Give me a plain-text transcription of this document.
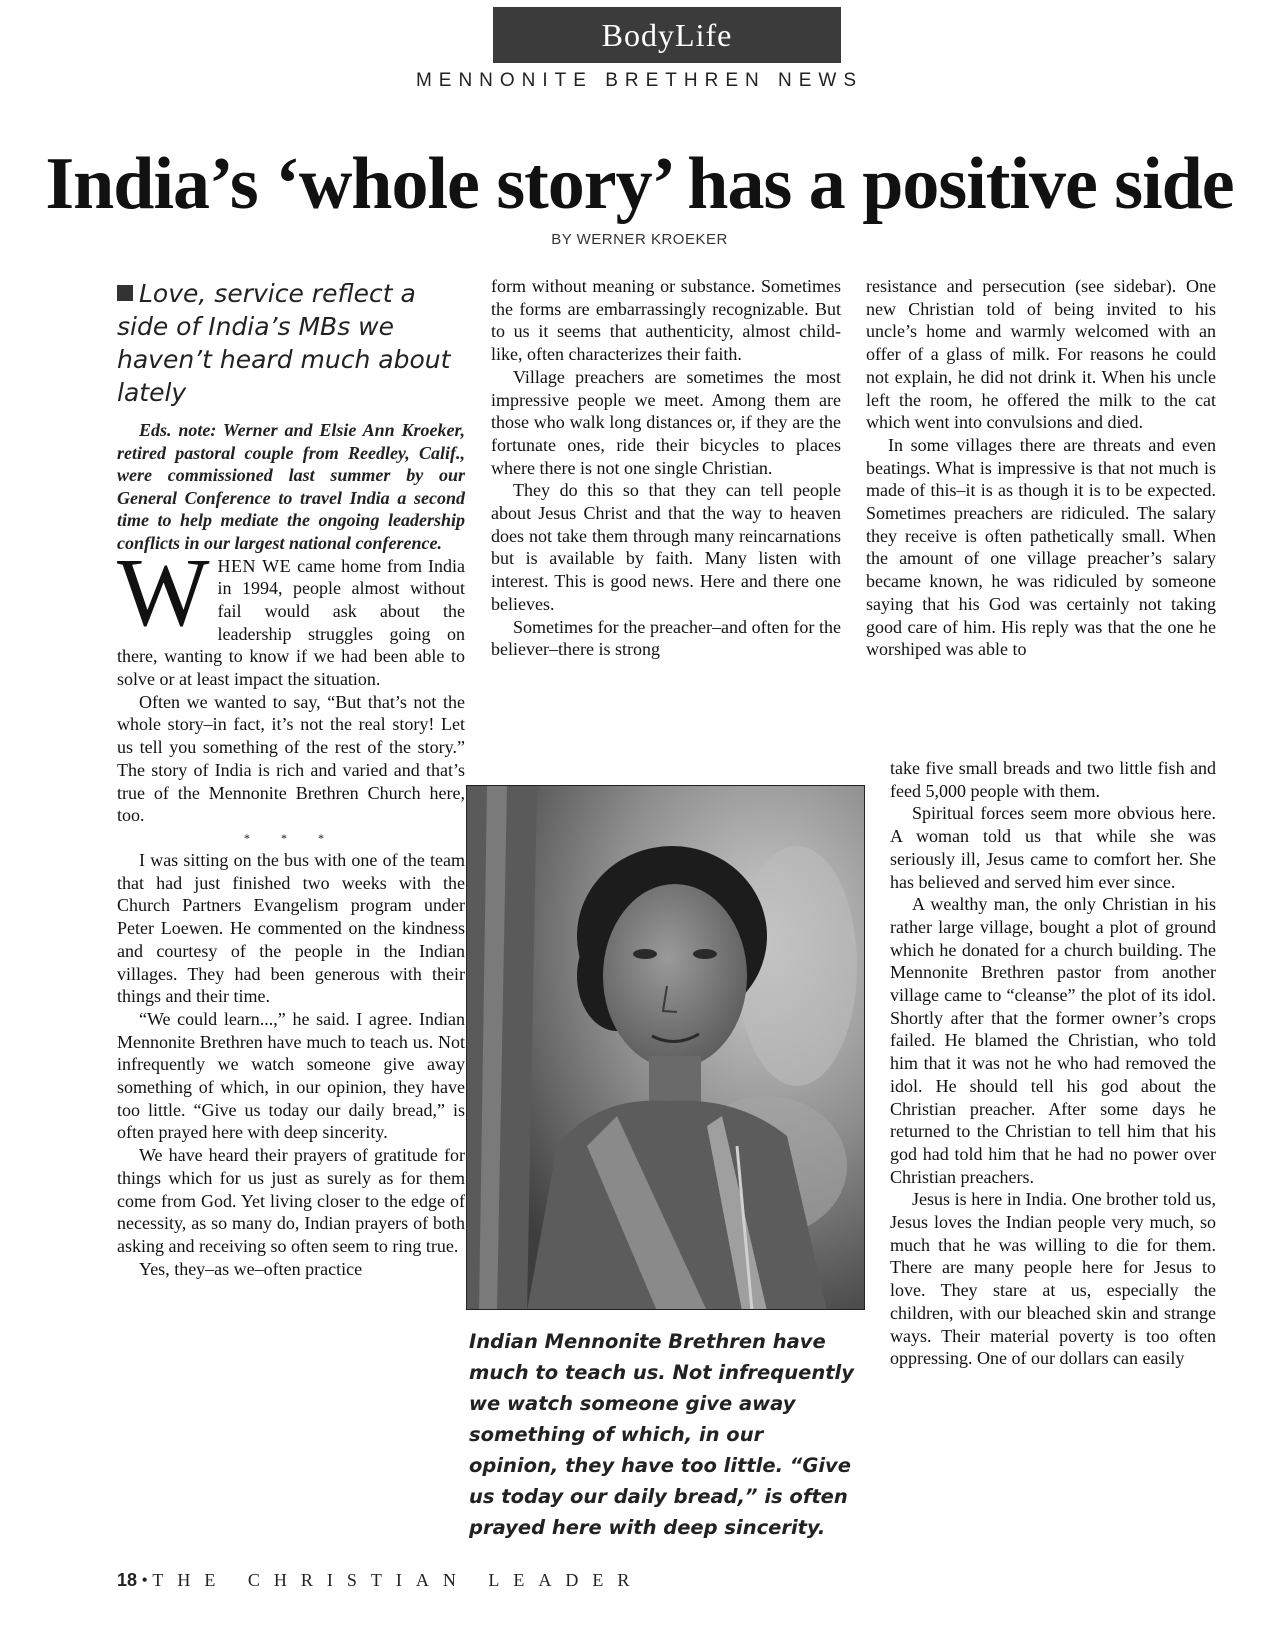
BodyLife
MENNONITE BRETHREN NEWS
India’s ‘whole story’ has a positive side
BY WERNER KROEKER
Love, service reflect a side of India’s MBs we haven’t heard much about lately

Eds. note: Werner and Elsie Ann Kroeker, retired pastoral couple from Reedley, Calif., were commissioned last summer by our General Conference to travel India a second time to help mediate the ongoing leadership conflicts in our largest national conference.

WHEN WE came home from India in 1994, people almost without fail would ask about the leadership struggles going on there, wanting to know if we had been able to solve or at least impact the situation.

Often we wanted to say, “But that’s not the whole story–in fact, it’s not the real story! Let us tell you something of the rest of the story.” The story of India is rich and varied and that’s true of the Mennonite Brethren Church here, too.

* * *

I was sitting on the bus with one of the team that had just finished two weeks with the Church Partners Evangelism program under Peter Loewen. He commented on the kindness and courtesy of the people in the Indian villages. They had been generous with their things and their time.

“We could learn...,” he said. I agree. Indian Mennonite Brethren have much to teach us. Not infrequently we watch someone give away something of which, in our opinion, they have too little. “Give us today our daily bread,” is often prayed here with deep sincerity.

We have heard their prayers of gratitude for things which for us just as surely as for them come from God. Yet living closer to the edge of necessity, as so many do, Indian prayers of both asking and receiving so often seem to ring true.

Yes, they–as we–often practice

form without meaning or substance. Sometimes the forms are embarrassingly recognizable. But to us it seems that authenticity, almost child-like, often characterizes their faith.

Village preachers are sometimes the most impressive people we meet. Among them are those who walk long distances or, if they are the fortunate ones, ride their bicycles to places where there is not one single Christian.

They do this so that they can tell people about Jesus Christ and that the way to heaven does not take them through many reincarnations but is available by faith. Many listen with interest. This is good news. Here and there one believes.

Sometimes for the preacher–and often for the believer–there is strong

Indian Mennonite Brethren have much to teach us. Not infrequently we watch someone give away something of which, in our opinion, they have too little. “Give us today our daily bread,” is often prayed here with deep sincerity.

resistance and persecution (see sidebar). One new Christian told of being invited to his uncle’s home and warmly welcomed with an offer of a glass of milk. For reasons he could not explain, he did not drink it. When his uncle left the room, he offered the milk to the cat which went into convulsions and died.

In some villages there are threats and even beatings. What is impressive is that not much is made of this–it is as though it is to be expected. Sometimes preachers are ridiculed. The salary they receive is often pathetically small. When the amount of one village preacher’s salary became known, he was ridiculed by someone saying that his God was certainly not taking good care of him. His reply was that the one he worshiped was able to

take five small breads and two little fish and feed 5,000 people with them.

Spiritual forces seem more obvious here. A woman told us that while she was seriously ill, Jesus came to comfort her. She has believed and served him ever since.

A wealthy man, the only Christian in his rather large village, bought a plot of ground which he donated for a church building. The Mennonite Brethren pastor from another village came to “cleanse” the plot of its idol. Shortly after that the former owner’s crops failed. He blamed the Christian, who told him that it was not he who had removed the idol. He should tell his god about the Christian preacher. After some days he returned to the Christian to tell him that his god had told him that he had no power over Christian preachers.

Jesus is here in India. One brother told us, Jesus loves the Indian people very much, so much that he was willing to die for them. There are many people here for Jesus to love. They stare at us, especially the children, with our bleached skin and strange ways. Their material poverty is too often oppressing. One of our dollars can easily

18 • THE CHRISTIAN LEADER
